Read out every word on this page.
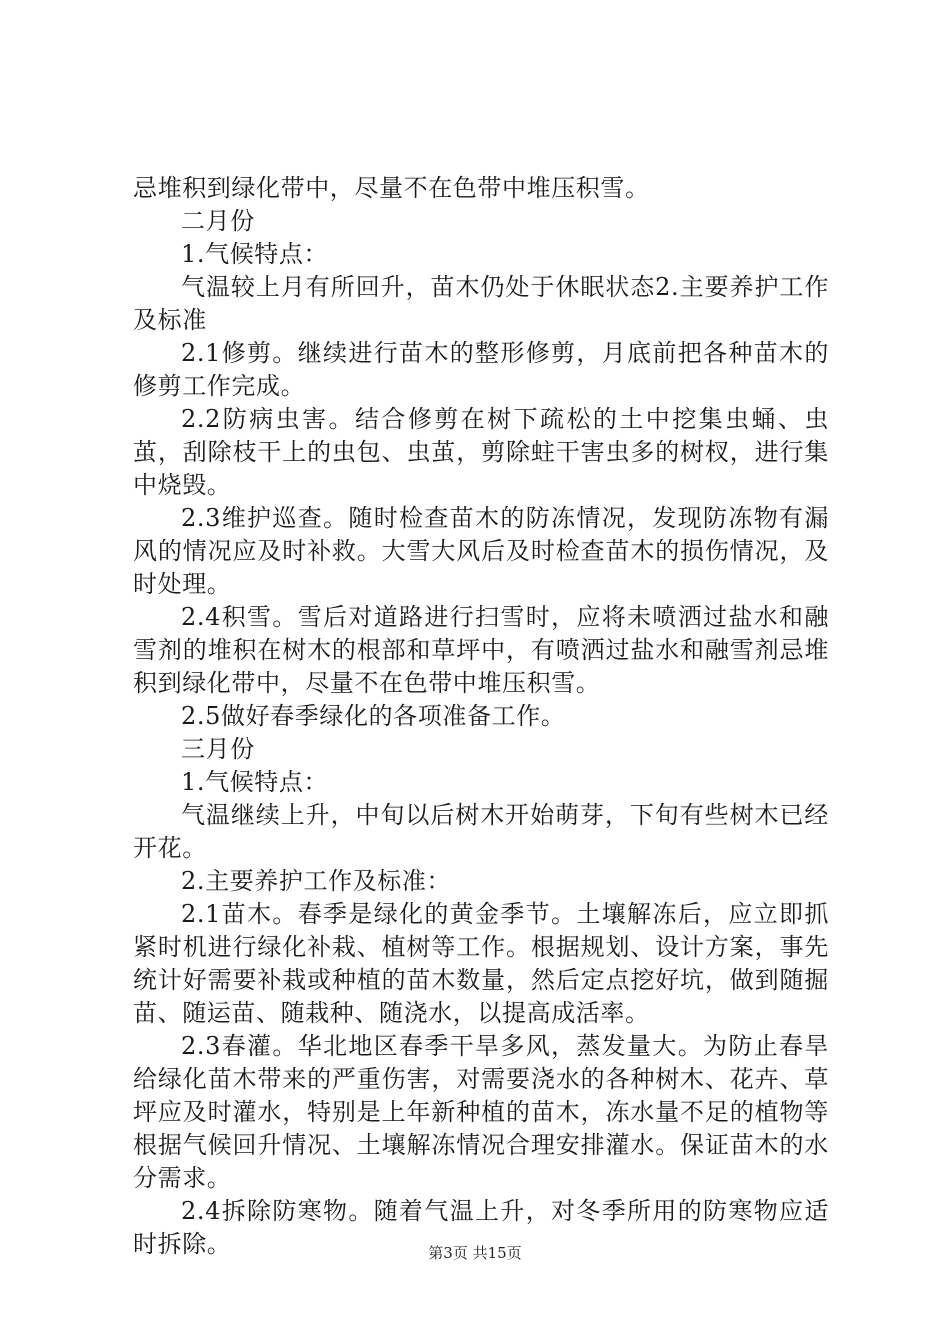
忌堆积到绿化带中，尽量不在色带中堆压积雪。

二月份

1.气候特点：

气温较上月有所回升，苗木仍处于休眠状态2.主要养护工作及标准

2.1修剪。继续进行苗木的整形修剪，月底前把各种苗木的修剪工作完成。

2.2防病虫害。结合修剪在树下疏松的土中挖集虫蛹、虫茧，刮除枝干上的虫包、虫茧，剪除蛀干害虫多的树杈，进行集中烧毁。

2.3维护巡查。随时检查苗木的防冻情况，发现防冻物有漏风的情况应及时补救。大雪大风后及时检查苗木的损伤情况，及时处理。

2.4积雪。雪后对道路进行扫雪时，应将未喷洒过盐水和融雪剂的堆积在树木的根部和草坪中，有喷洒过盐水和融雪剂忌堆积到绿化带中，尽量不在色带中堆压积雪。

2.5做好春季绿化的各项准备工作。

三月份

1.气候特点：

气温继续上升，中旬以后树木开始萌芽，下旬有些树木已经开花。

2.主要养护工作及标准：

2.1苗木。春季是绿化的黄金季节。土壤解冻后，应立即抓紧时机进行绿化补栽、植树等工作。根据规划、设计方案，事先统计好需要补栽或种植的苗木数量，然后定点挖好坑，做到随掘苗、随运苗、随栽种、随浇水，以提高成活率。

2.3春灌。华北地区春季干旱多风，蒸发量大。为防止春旱给绿化苗木带来的严重伤害，对需要浇水的各种树木、花卉、草坪应及时灌水，特别是上年新种植的苗木，冻水量不足的植物等根据气候回升情况、土壤解冻情况合理安排灌水。保证苗木的水分需求。

2.4拆除防寒物。随着气温上升，对冬季所用的防寒物应适时拆除。	第3页 共15页
